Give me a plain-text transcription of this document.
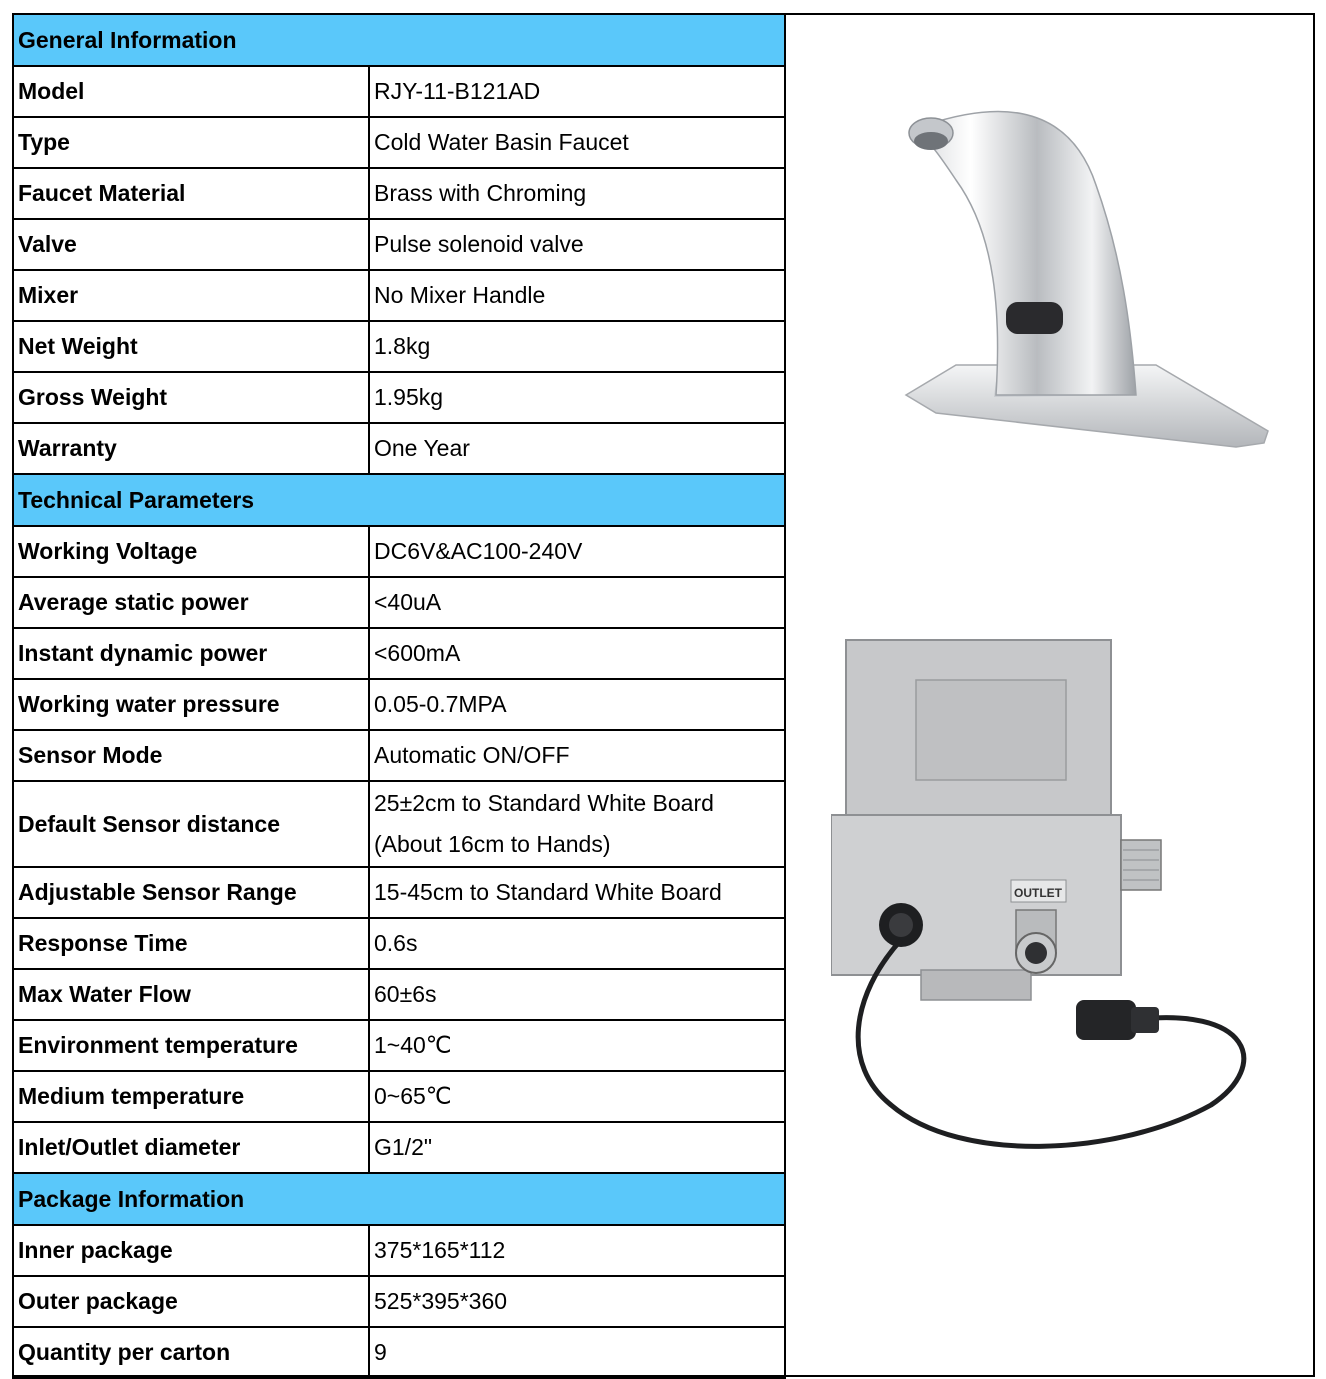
General Information	
Model	RJY-11-B121AD
Type	Cold Water Basin Faucet
Faucet Material	Brass with Chroming
Valve	Pulse solenoid valve
Mixer	No Mixer Handle
Net Weight	1.8kg
Gross Weight	1.95kg
Warranty	One Year
Technical Parameters	
Working Voltage	DC6V&AC100-240V
Average static power	<40uA
Instant dynamic power	<600mA
Working water pressure	0.05-0.7MPA
Sensor Mode	Automatic ON/OFF
Default Sensor distance	25±2cm to Standard White Board
(About 16cm to Hands)

Adjustable Sensor Range	15-45cm to Standard White Board
Response Time	0.6s
Max Water Flow	60±6s
Environment temperature	1~40℃
Medium temperature	0~65℃
Inlet/Outlet diameter	G1/2"
Package Information	
Inner package	375*165*112
Outer package	525*395*360
Quantity per carton	9
OUTLET
